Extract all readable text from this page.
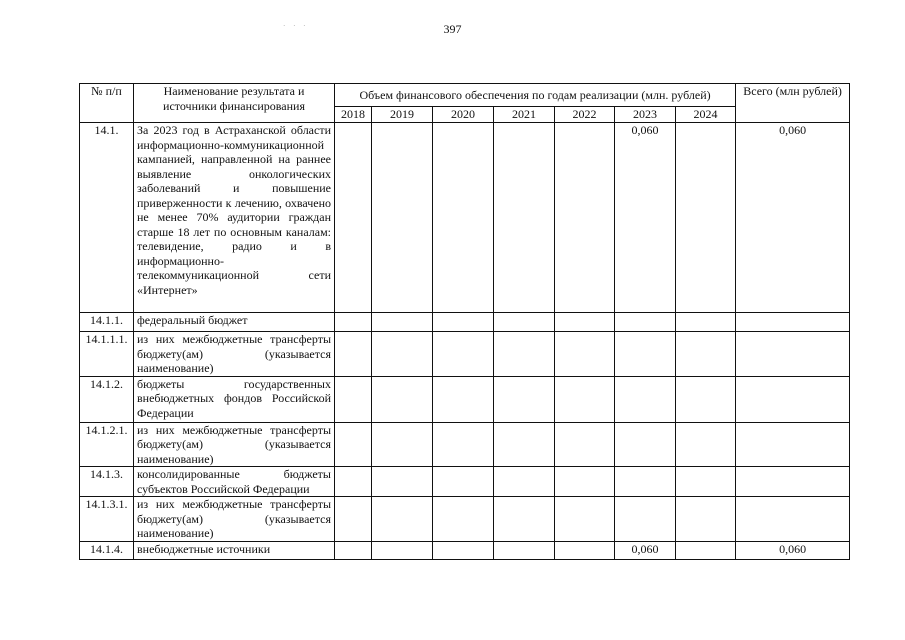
397
· · ·
№ п/п	Наименование результата и источники финансирования	Объем финансового обеспечения по годам реализации (млн. рублей)							Всего (млн рублей)
		2018	2019	2020	2021	2022	2023	2024	
14.1.	За 2023 год в Астраханской области информационно-коммуникационной кампанией, направленной на раннее выявление онкологических заболеваний и повышение приверженности к лечению, охвачено не менее 70% аудитории граждан старше 18 лет по основным каналам: телевидение, радио и в информационно-телекоммуникационной сети «Интернет»						0,060		0,060
14.1.1.	федеральный бюджет								
14.1.1.1.	из них межбюджетные трансферты бюджету(ам) (указывается наименование)								
14.1.2.	бюджеты государственных внебюджетных фондов Российской Федерации								
14.1.2.1.	из них межбюджетные трансферты бюджету(ам) (указывается наименование)								
14.1.3.	консолидированные бюджеты субъектов Российской Федерации								
14.1.3.1.	из них межбюджетные трансферты бюджету(ам) (указывается наименование)								
14.1.4.	внебюджетные источники						0,060		0,060
